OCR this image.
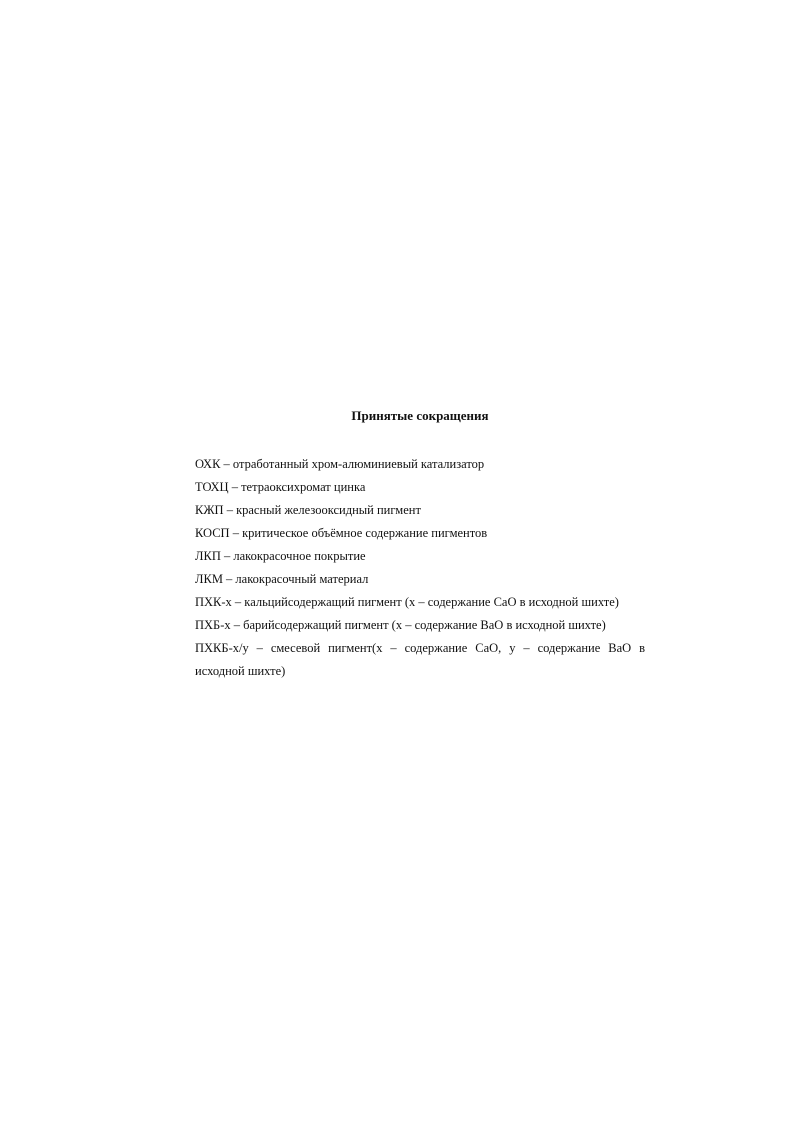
Принятые сокращения
ОХК – отработанный хром-алюминиевый катализатор
ТОХЦ – тетраоксихромат цинка
КЖП – красный железооксидный пигмент
КОСП – критическое объёмное содержание пигментов
ЛКП – лакокрасочное покрытие
ЛКМ – лакокрасочный материал
ПХК-х – кальцийсодержащий пигмент (х – содержание СаО в исходной шихте)
ПХБ-х – барийсодержащий пигмент (х – содержание ВаО в исходной шихте)
ПХКБ-х/у – смесевой пигмент(х – содержание СаО, у – содержание ВаО в
исходной шихте)
